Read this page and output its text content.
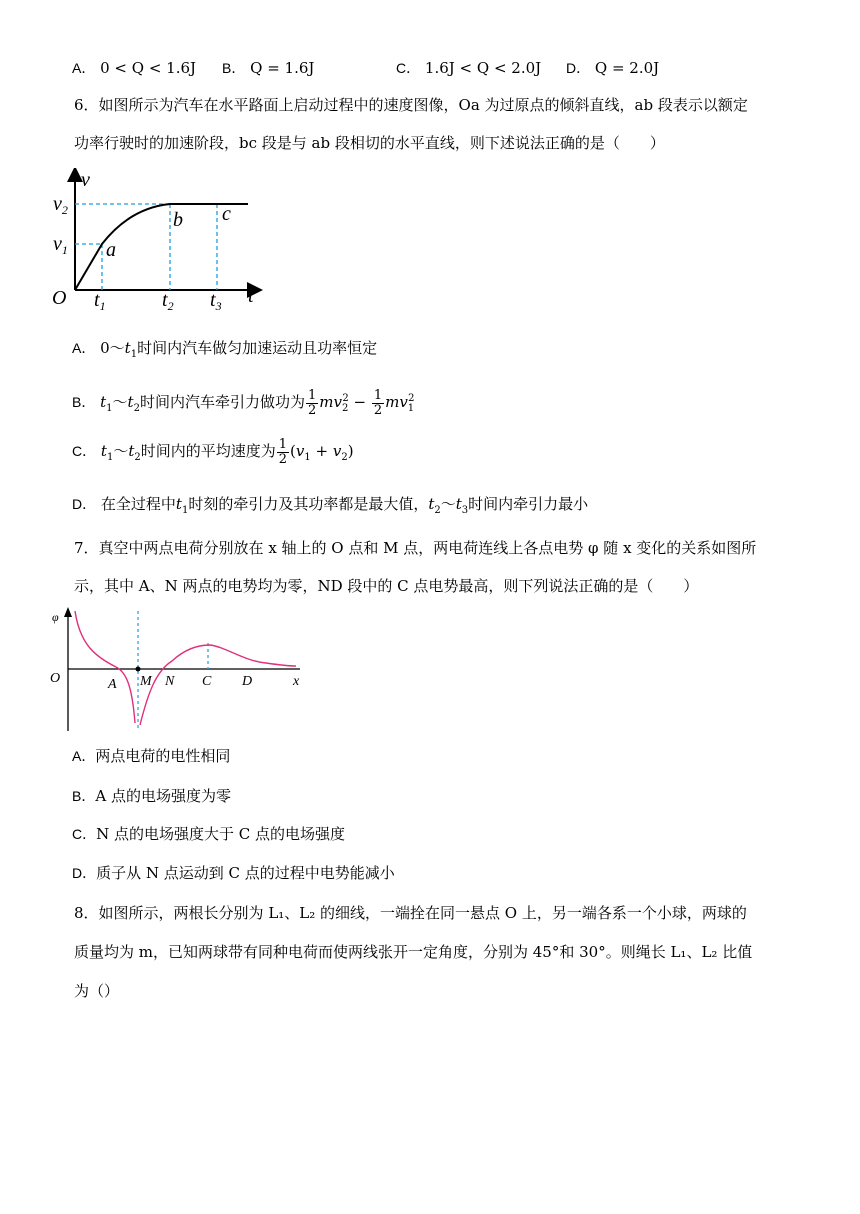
A． 0 < Q < 1.6J B． Q = 1.6J	C． 1.6J < Q < 2.0J D． Q = 2.0J
6．如图所示为汽车在水平路面上启动过程中的速度图像，Oa 为过原点的倾斜直线，ab 段表示以额定
功率行驶时的加速阶段，bc 段是与 ab 段相切的水平直线，则下述说法正确的是（　　）
v
t
O
$v_2$
$v_1$
$t_1$	$t_2$ $t_3$
a
b c
A． $0\sim t_1$时间内汽车做匀加速运动且功率恒定
B． $t_1\sim t_2$时间内汽车牵引力做功为 $\frac{1}{2} mv_2^2 - \frac{1}{2} mv_1^2$
C． $t_1\sim t_2$时间内的平均速度为 $\frac{1}{2} (v_1 + v_2)$
D． 在全过程中$t_1$时刻的牵引力及其功率都是最大值，$t_2\sim t_3$时间内牵引力最小
7．真空中两点电荷分别放在 x 轴上的 O 点和 M 点，两电荷连线上各点电势 φ 随 x 变化的关系如图所
示，其中 A、N 两点的电势均为零，ND 段中的 C 点电势最高，则下列说法正确的是（　　）
φ
x
O	A M N C D
A．两点电荷的电性相同
B．A 点的电场强度为零
C．N 点的电场强度大于 C 点的电场强度
D．质子从 N 点运动到 C 点的过程中电势能减小
8．如图所示，两根长分别为 L₁、L₂ 的细线，一端拴在同一悬点 O 上，另一端各系一个小球，两球的
质量均为 m，已知两球带有同种电荷而使两线张开一定角度，分别为 45°和 30°。则绳长 L₁、L₂ 比值
为（）
